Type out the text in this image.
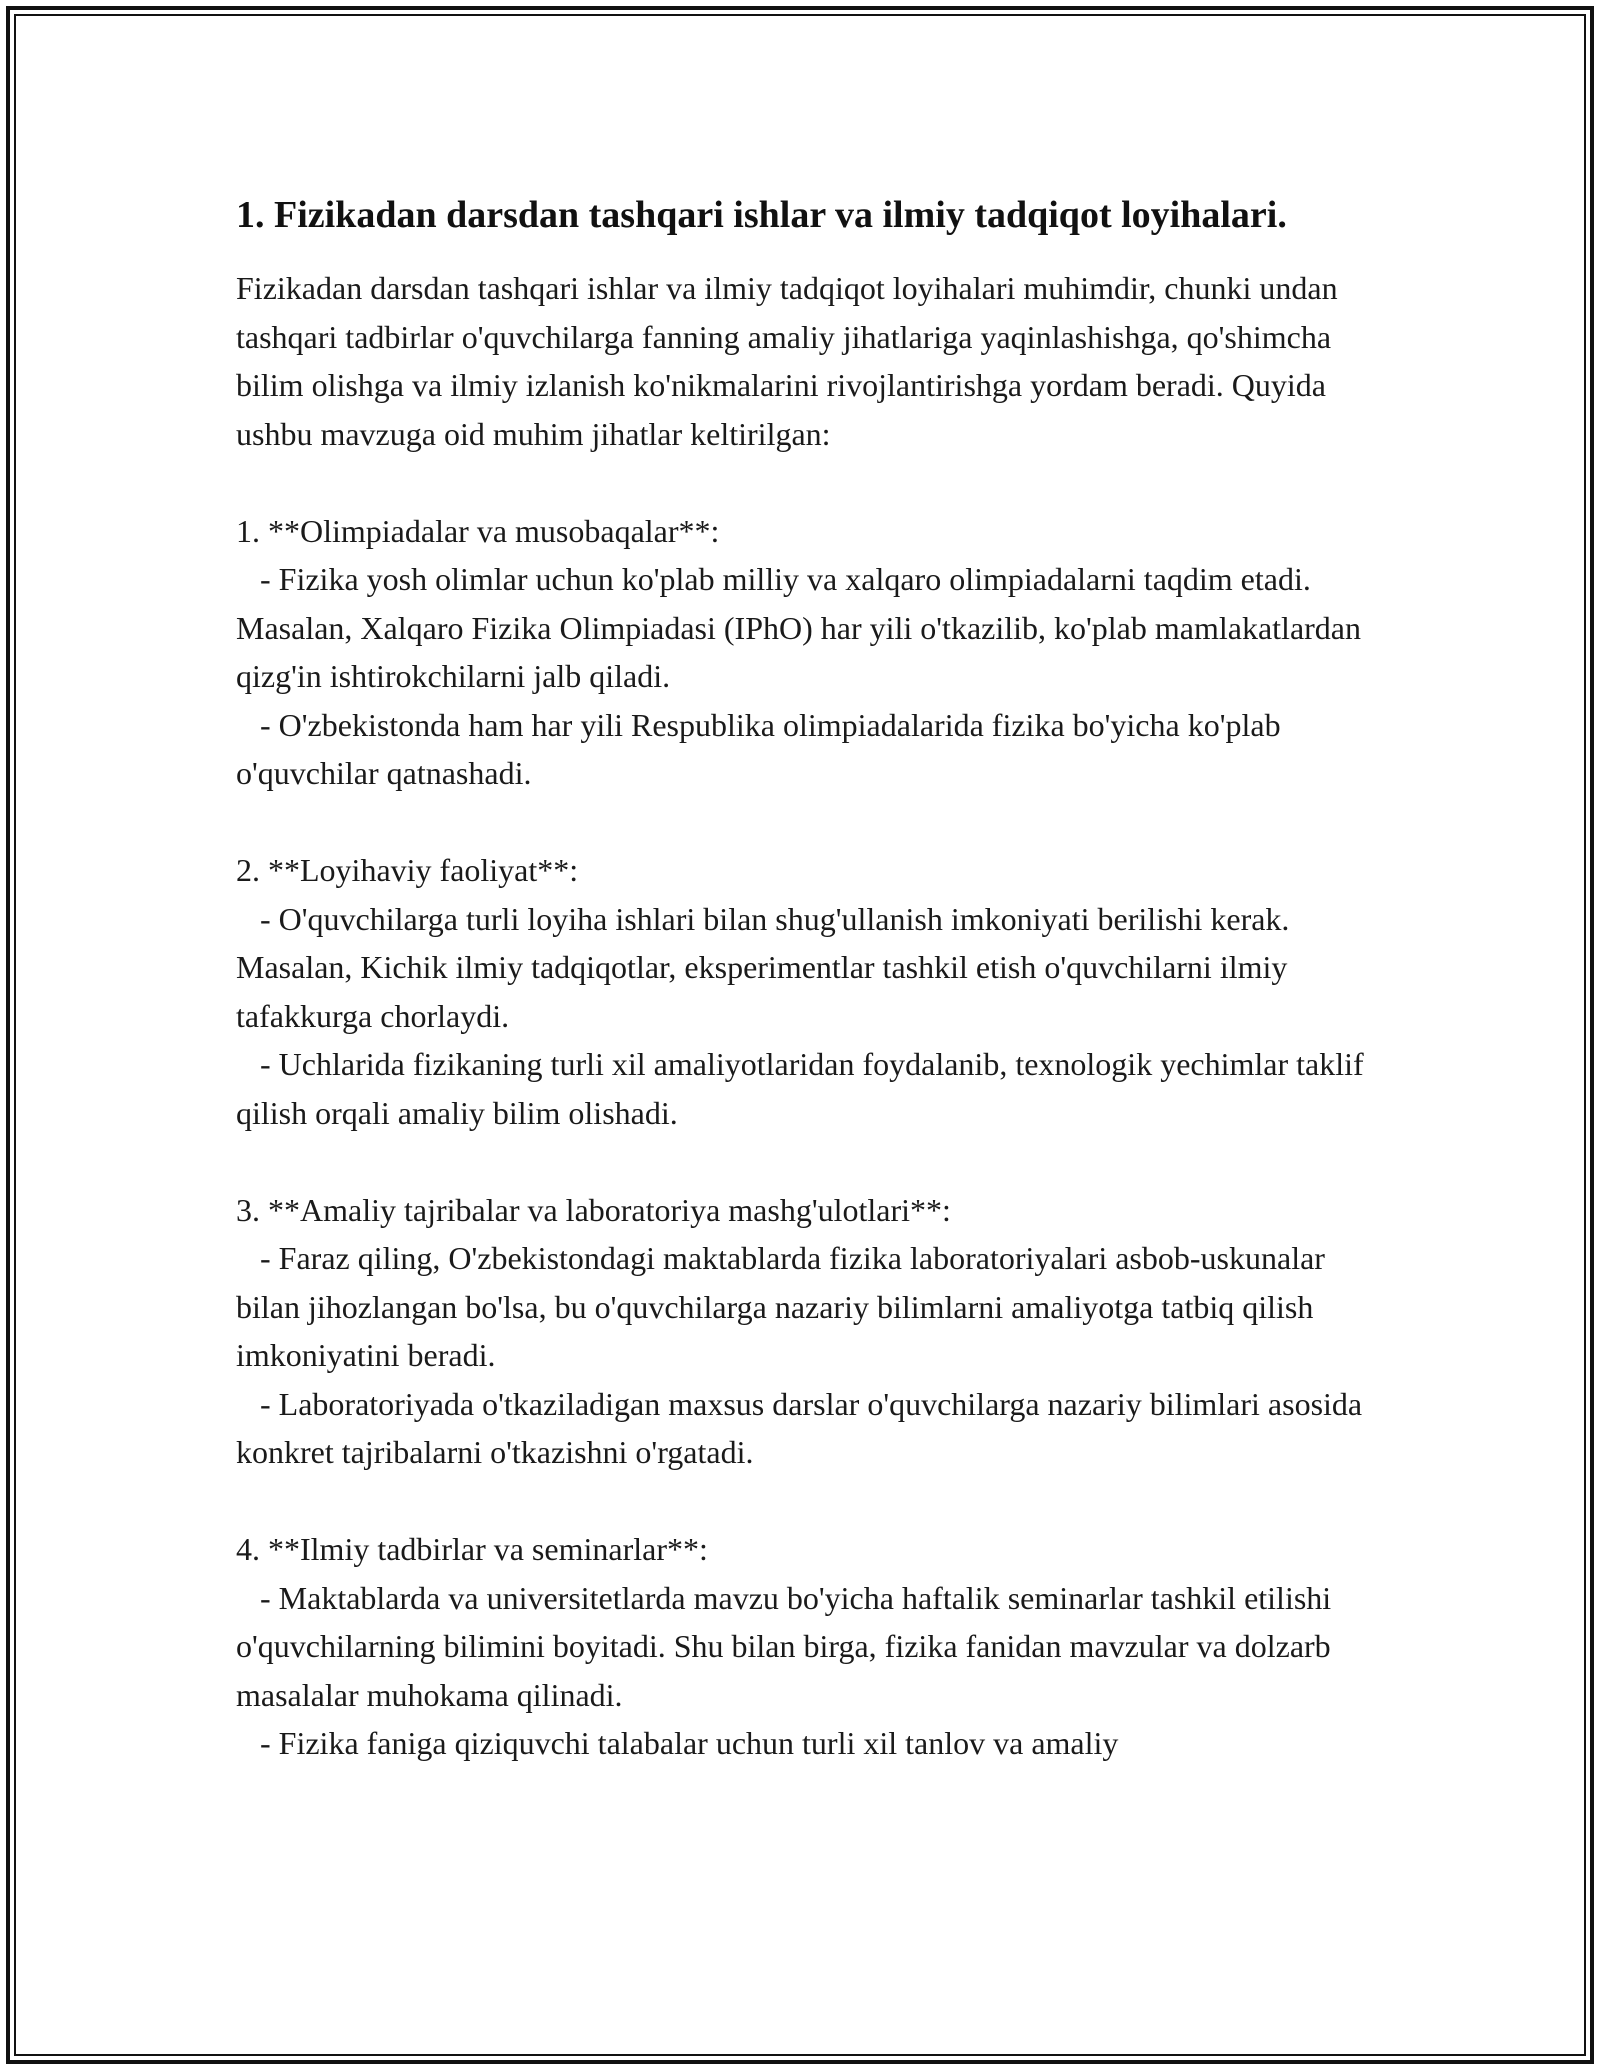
1. Fizikadan darsdan tashqari ishlar va ilmiy tadqiqot loyihalari.

Fizikadan darsdan tashqari ishlar va ilmiy tadqiqot loyihalari muhimdir, chunki undan tashqari tadbirlar o'quvchilarga fanning amaliy jihatlariga yaqinlashishga, qo'shimcha bilim olishga va ilmiy izlanish ko'nikmalarini rivojlantirishga yordam beradi. Quyida ushbu mavzuga oid muhim jihatlar keltirilgan:

1. **Olimpiadalar va musobaqalar**:
- Fizika yosh olimlar uchun ko'plab milliy va xalqaro olimpiadalarni taqdim etadi. Masalan, Xalqaro Fizika Olimpiadasi (IPhO) har yili o'tkazilib, ko'plab mamlakatlardan qizg'in ishtirokchilarni jalb qiladi.
- O'zbekistonda ham har yili Respublika olimpiadalarida fizika bo'yicha ko'plab o'quvchilar qatnashadi.
2. **Loyihaviy faoliyat**:
- O'quvchilarga turli loyiha ishlari bilan shug'ullanish imkoniyati berilishi kerak. Masalan, Kichik ilmiy tadqiqotlar, eksperimentlar tashkil etish o'quvchilarni ilmiy tafakkurga chorlaydi.
- Uchlarida fizikaning turli xil amaliyotlaridan foydalanib, texnologik yechimlar taklif qilish orqali amaliy bilim olishadi.
3. **Amaliy tajribalar va laboratoriya mashg'ulotlari**:
- Faraz qiling, O'zbekistondagi maktablarda fizika laboratoriyalari asbob-uskunalar bilan jihozlangan bo'lsa, bu o'quvchilarga nazariy bilimlarni amaliyotga tatbiq qilish imkoniyatini beradi.
- Laboratoriyada o'tkaziladigan maxsus darslar o'quvchilarga nazariy bilimlari asosida konkret tajribalarni o'tkazishni o'rgatadi.
4. **Ilmiy tadbirlar va seminarlar**:
- Maktablarda va universitetlarda mavzu bo'yicha haftalik seminarlar tashkil etilishi o'quvchilarning bilimini boyitadi. Shu bilan birga, fizika fanidan mavzular va dolzarb masalalar muhokama qilinadi.
- Fizika faniga qiziquvchi talabalar uchun turli xil tanlov va amaliy
